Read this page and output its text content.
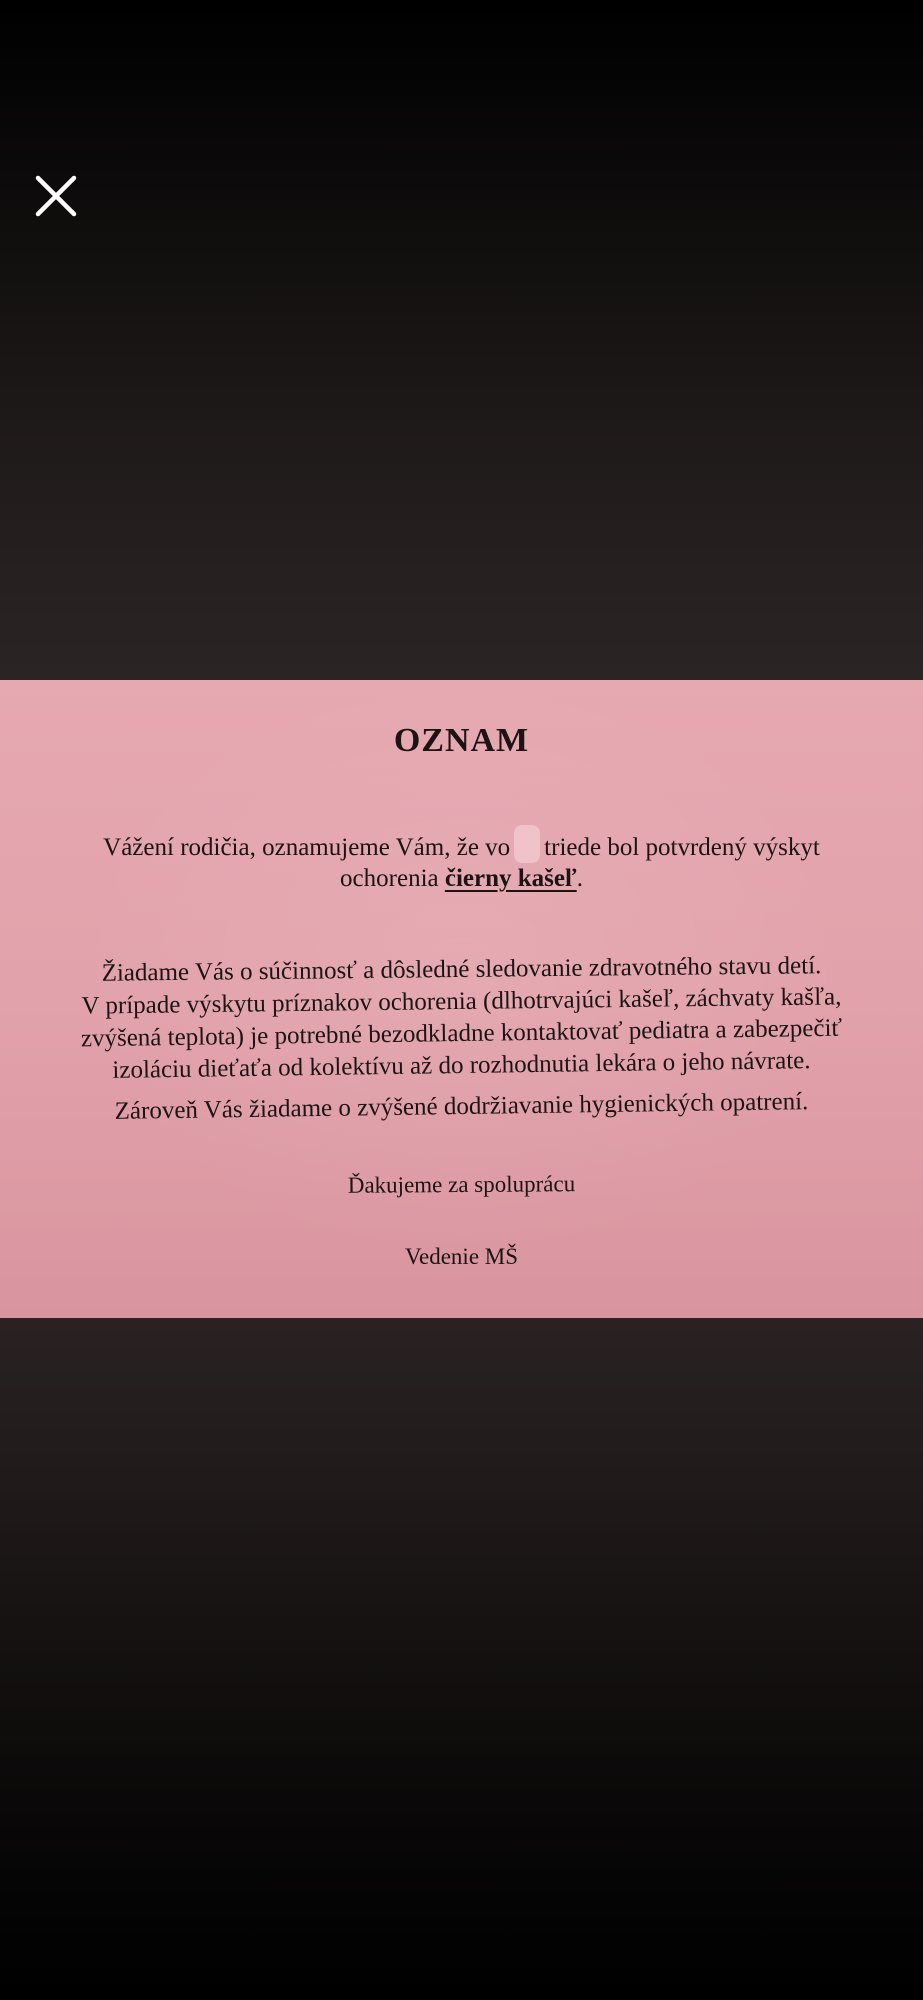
OZNAM
Vážení rodičia, oznamujeme Vám, že vo triede bol potvrdený výskyt
ochorenia čierny kašeľ.
Žiadame Vás o súčinnosť a dôsledné sledovanie zdravotného stavu detí.
V prípade výskytu príznakov ochorenia (dlhotrvajúci kašeľ, záchvaty kašľa,
zvýšená teplota) je potrebné bezodkladne kontaktovať pediatra a zabezpečiť
izoláciu dieťaťa od kolektívu až do rozhodnutia lekára o jeho návrate.
Zároveň Vás žiadame o zvýšené dodržiavanie hygienických opatrení.
Ďakujeme za spoluprácu
Vedenie MŠ
